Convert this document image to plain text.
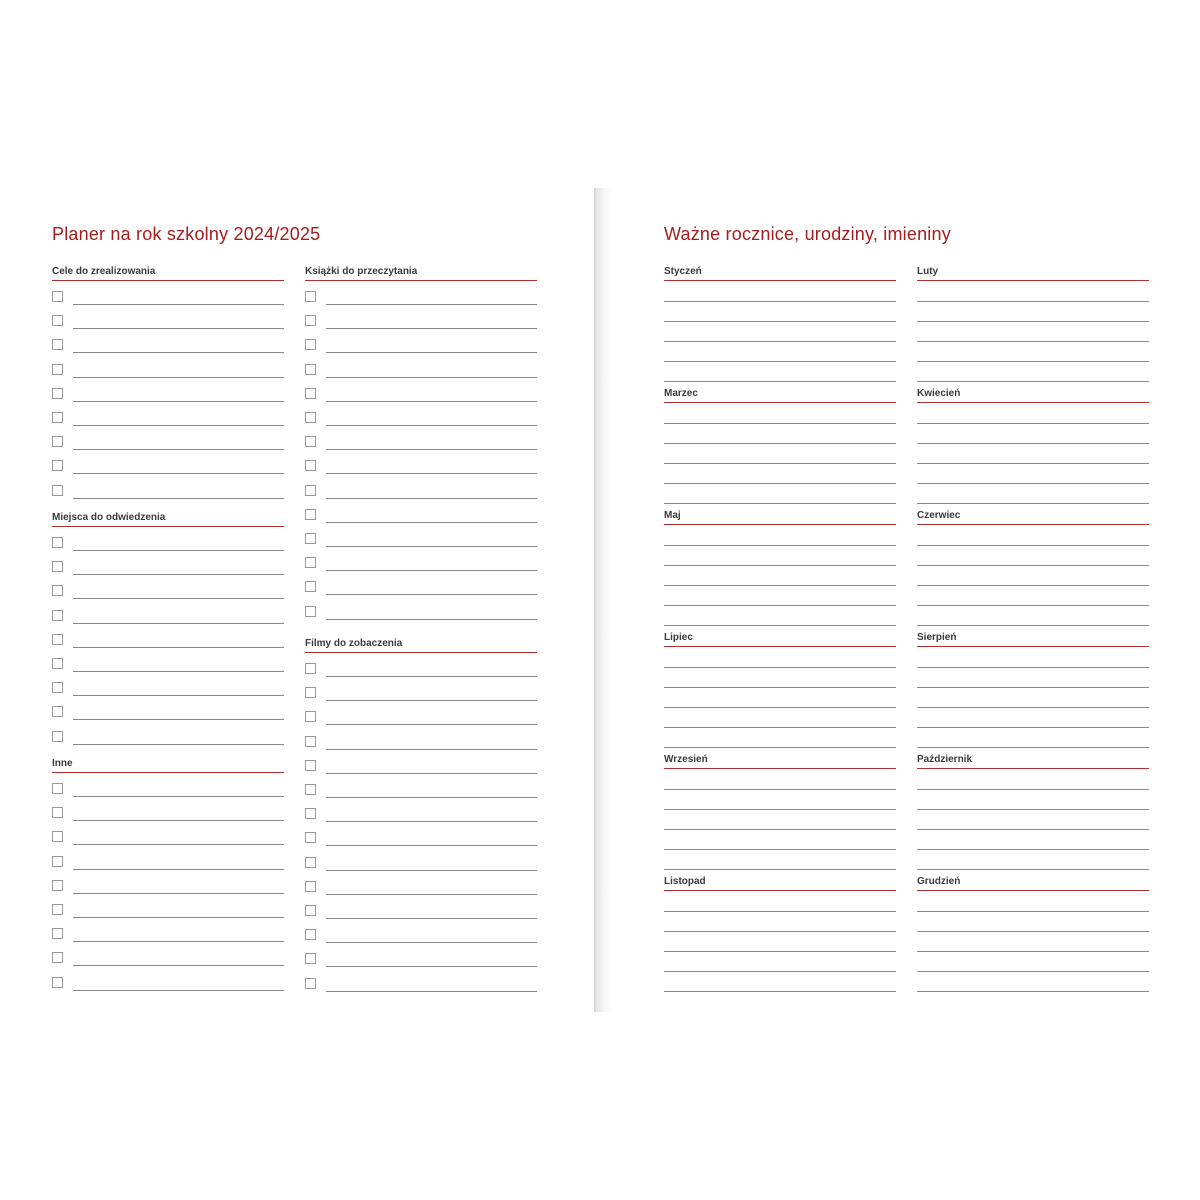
Planer na rok szkolny 2024/2025
Cele do zrealizowania
Miejsca do odwiedzenia
Inne
Książki do przeczytania
Filmy do zobaczenia
Ważne rocznice, urodziny, imieniny
Styczeń	Luty
Marzec	Kwiecień
Maj	Czerwiec
Lipiec	Sierpień
Wrzesień	Październik
Listopad	Grudzień
